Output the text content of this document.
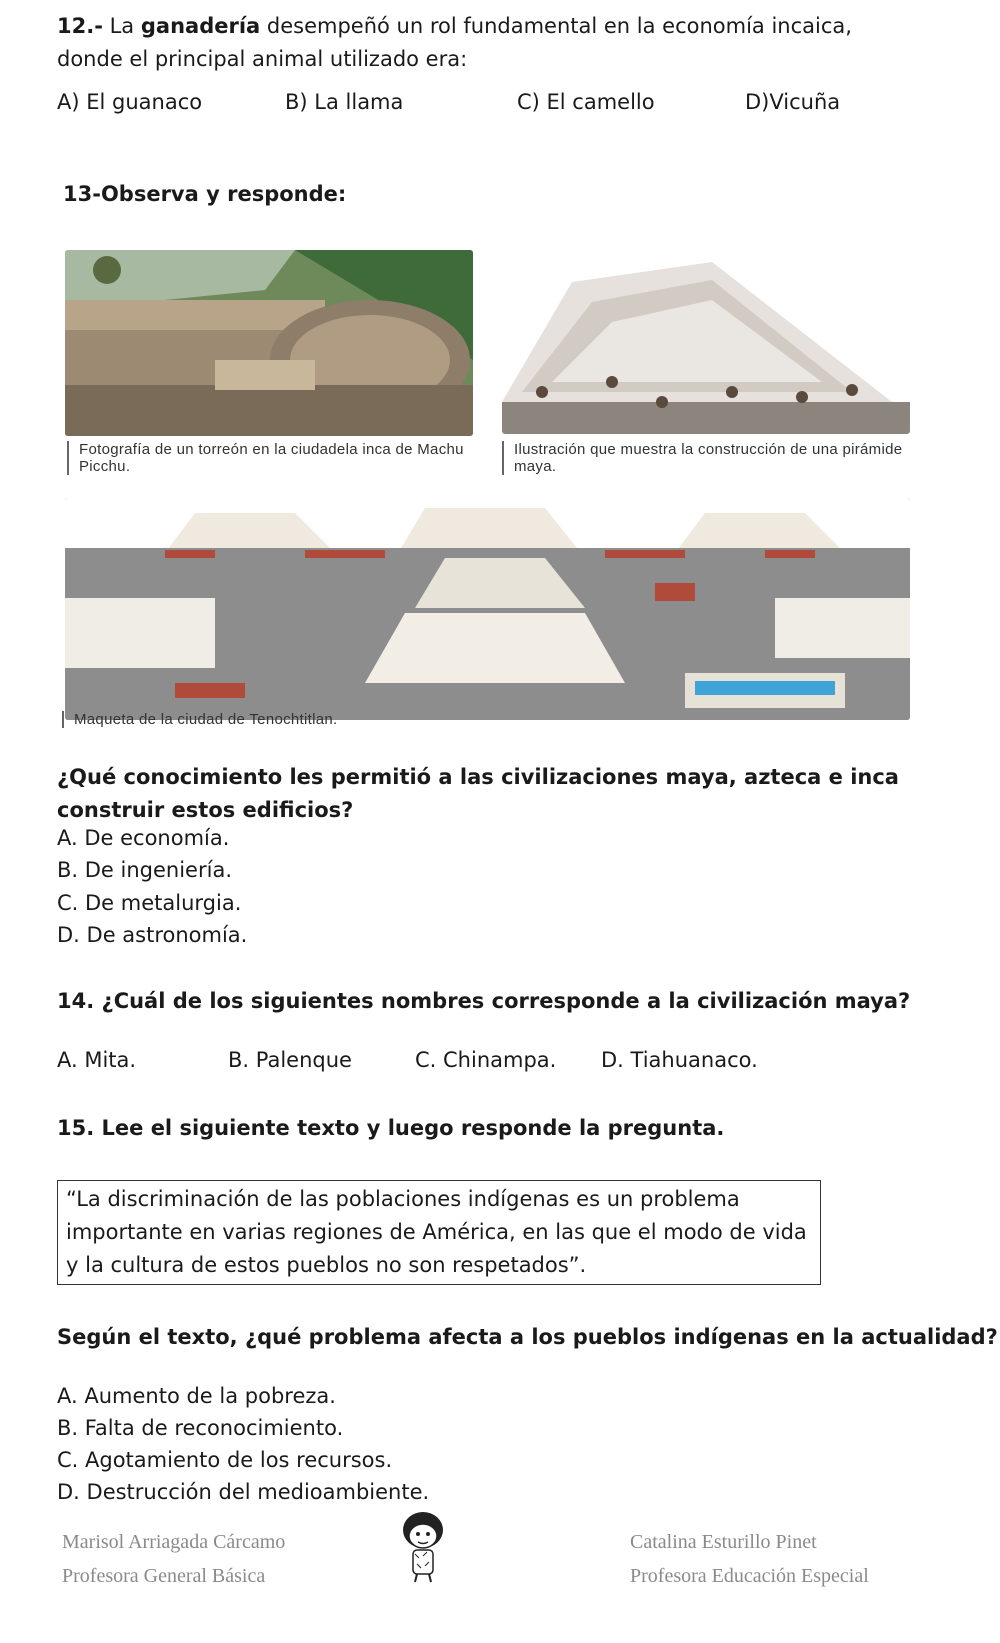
12.- La ganadería desempeñó un rol fundamental en la economía incaica, donde el principal animal utilizado era:
A) El guanaco	B) La llama	C) El camello	D)Vicuña
13-Observa y responde:
Fotografía de un torreón en la ciudadela inca de Machu Picchu.
Ilustración que muestra la construcción de una pirámide maya.
Maqueta de la ciudad de Tenochtitlan.
¿Qué conocimiento les permitió a las civilizaciones maya, azteca e inca construir estos edificios?
A. De economía.
B. De ingeniería.
C. De metalurgia.
D. De astronomía.
14. ¿Cuál de los siguientes nombres corresponde a la civilización maya?
A. Mita.	B. Palenque	C. Chinampa. D. Tiahuanaco.
15. Lee el siguiente texto y luego responde la pregunta.
“La discriminación de las poblaciones indígenas es un problema importante en varias regiones de América, en las que el modo de vida y la cultura de estos pueblos no son respetados”.
Según el texto, ¿qué problema afecta a los pueblos indígenas en la actualidad?
A. Aumento de la pobreza.
B. Falta de reconocimiento.
C. Agotamiento de los recursos.
D. Destrucción del medioambiente.
Marisol Arriagada Cárcamo
Profesora General Básica
Catalina Esturillo Pinet
Profesora Educación Especial
